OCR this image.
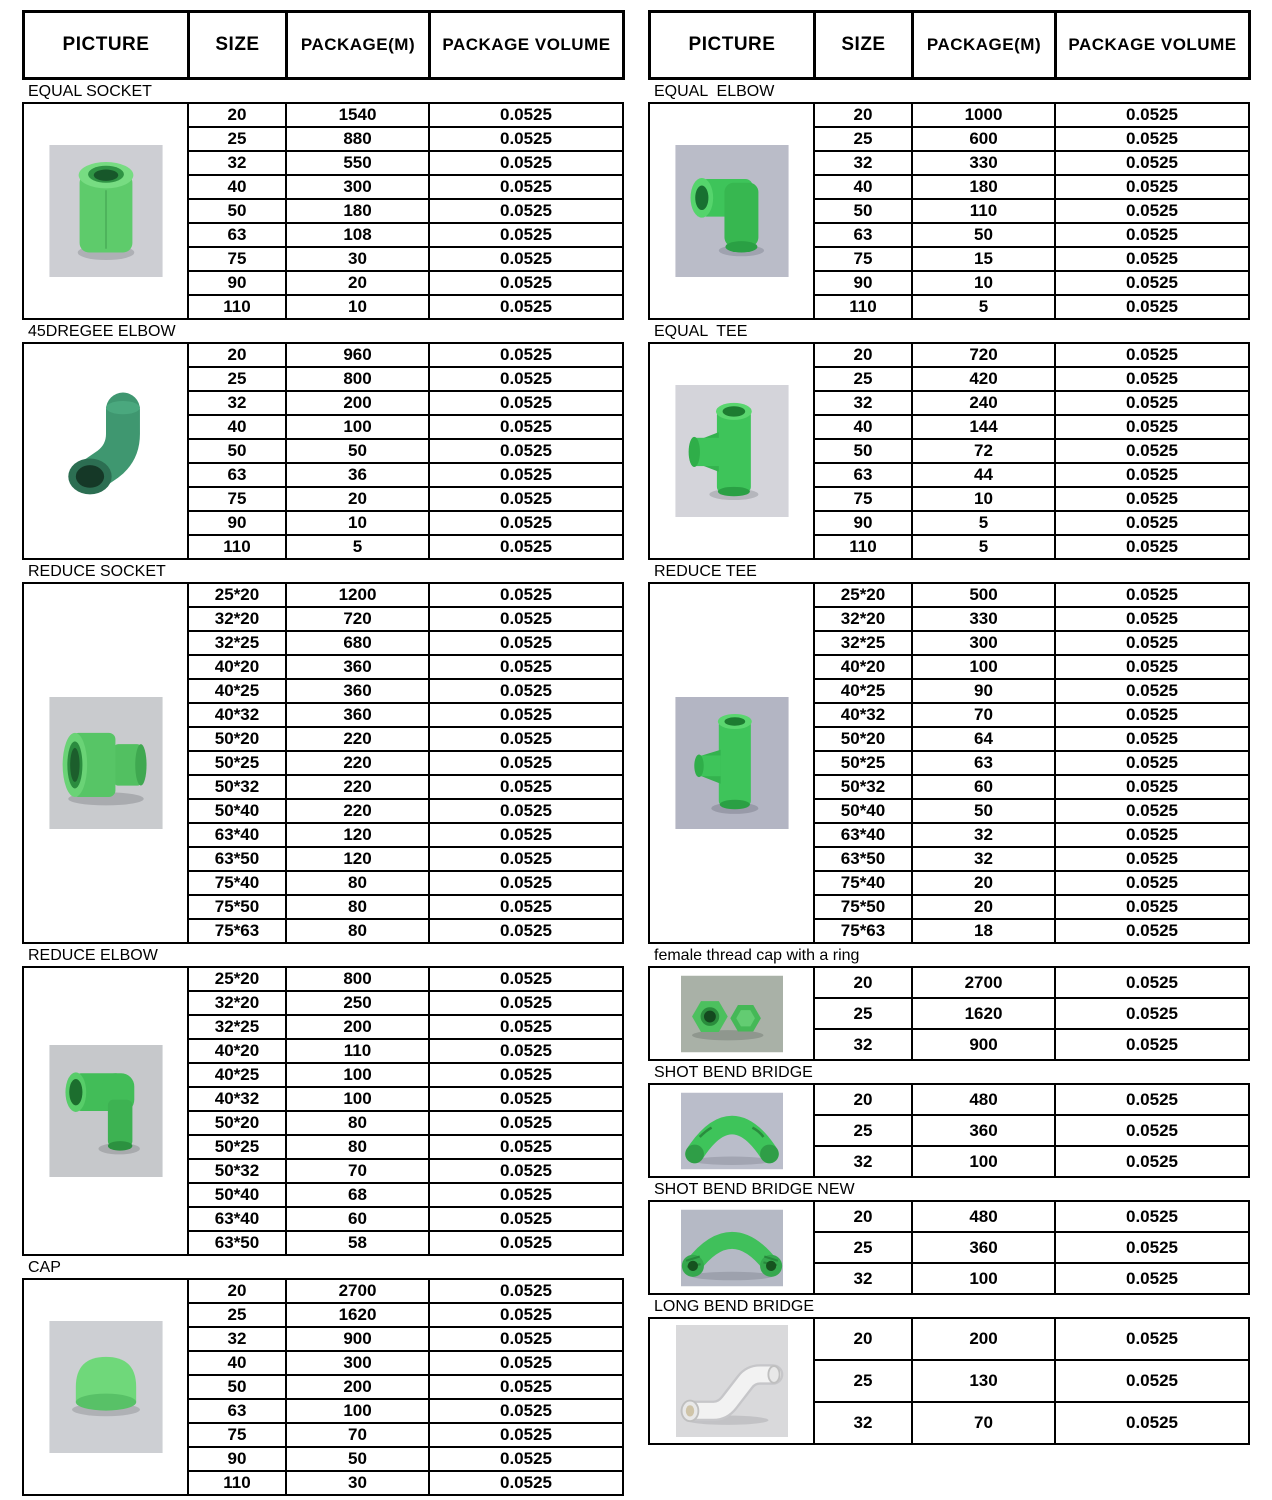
PICTURE	SIZE	PACKAGE(M)	PACKAGE VOLUME
EQUAL SOCKET
	20	1540	0.0525
	25	880	0.0525
	32	550	0.0525
	40	300	0.0525
	50	180	0.0525
	63	108	0.0525
	75	30	0.0525
	90	20	0.0525
	110	10	0.0525
45DREGEE ELBOW
	20	960	0.0525
	25	800	0.0525
	32	200	0.0525
	40	100	0.0525
	50	50	0.0525
	63	36	0.0525
	75	20	0.0525
	90	10	0.0525
	110	5	0.0525
REDUCE SOCKET
	25*20	1200	0.0525
	32*20	720	0.0525
	32*25	680	0.0525
	40*20	360	0.0525
	40*25	360	0.0525
	40*32	360	0.0525
	50*20	220	0.0525
	50*25	220	0.0525
	50*32	220	0.0525
	50*40	220	0.0525
	63*40	120	0.0525
	63*50	120	0.0525
	75*40	80	0.0525
	75*50	80	0.0525
	75*63	80	0.0525
REDUCE ELBOW
	25*20	800	0.0525
	32*20	250	0.0525
	32*25	200	0.0525
	40*20	110	0.0525
	40*25	100	0.0525
	40*32	100	0.0525
	50*20	80	0.0525
	50*25	80	0.0525
	50*32	70	0.0525
	50*40	68	0.0525
	63*40	60	0.0525
	63*50	58	0.0525
CAP
	20	2700	0.0525
	25	1620	0.0525
	32	900	0.0525
	40	300	0.0525
	50	200	0.0525
	63	100	0.0525
	75	70	0.0525
	90	50	0.0525
	110	30	0.0525
PICTURE	SIZE	PACKAGE(M)	PACKAGE VOLUME
EQUAL  ELBOW
	20	1000	0.0525
	25	600	0.0525
	32	330	0.0525
	40	180	0.0525
	50	110	0.0525
	63	50	0.0525
	75	15	0.0525
	90	10	0.0525
	110	5	0.0525
EQUAL  TEE
	20	720	0.0525
	25	420	0.0525
	32	240	0.0525
	40	144	0.0525
	50	72	0.0525
	63	44	0.0525
	75	10	0.0525
	90	5	0.0525
	110	5	0.0525
REDUCE TEE
	25*20	500	0.0525
	32*20	330	0.0525
	32*25	300	0.0525
	40*20	100	0.0525
	40*25	90	0.0525
	40*32	70	0.0525
	50*20	64	0.0525
	50*25	63	0.0525
	50*32	60	0.0525
	50*40	50	0.0525
	63*40	32	0.0525
	63*50	32	0.0525
	75*40	20	0.0525
	75*50	20	0.0525
	75*63	18	0.0525
female thread cap with a ring
	20	2700	0.0525
	25	1620	0.0525
	32	900	0.0525
SHOT BEND BRIDGE
	20	480	0.0525
	25	360	0.0525
	32	100	0.0525
SHOT BEND BRIDGE NEW
	20	480	0.0525
	25	360	0.0525
	32	100	0.0525
LONG BEND BRIDGE
	20	200	0.0525
	25	130	0.0525
	32	70	0.0525
